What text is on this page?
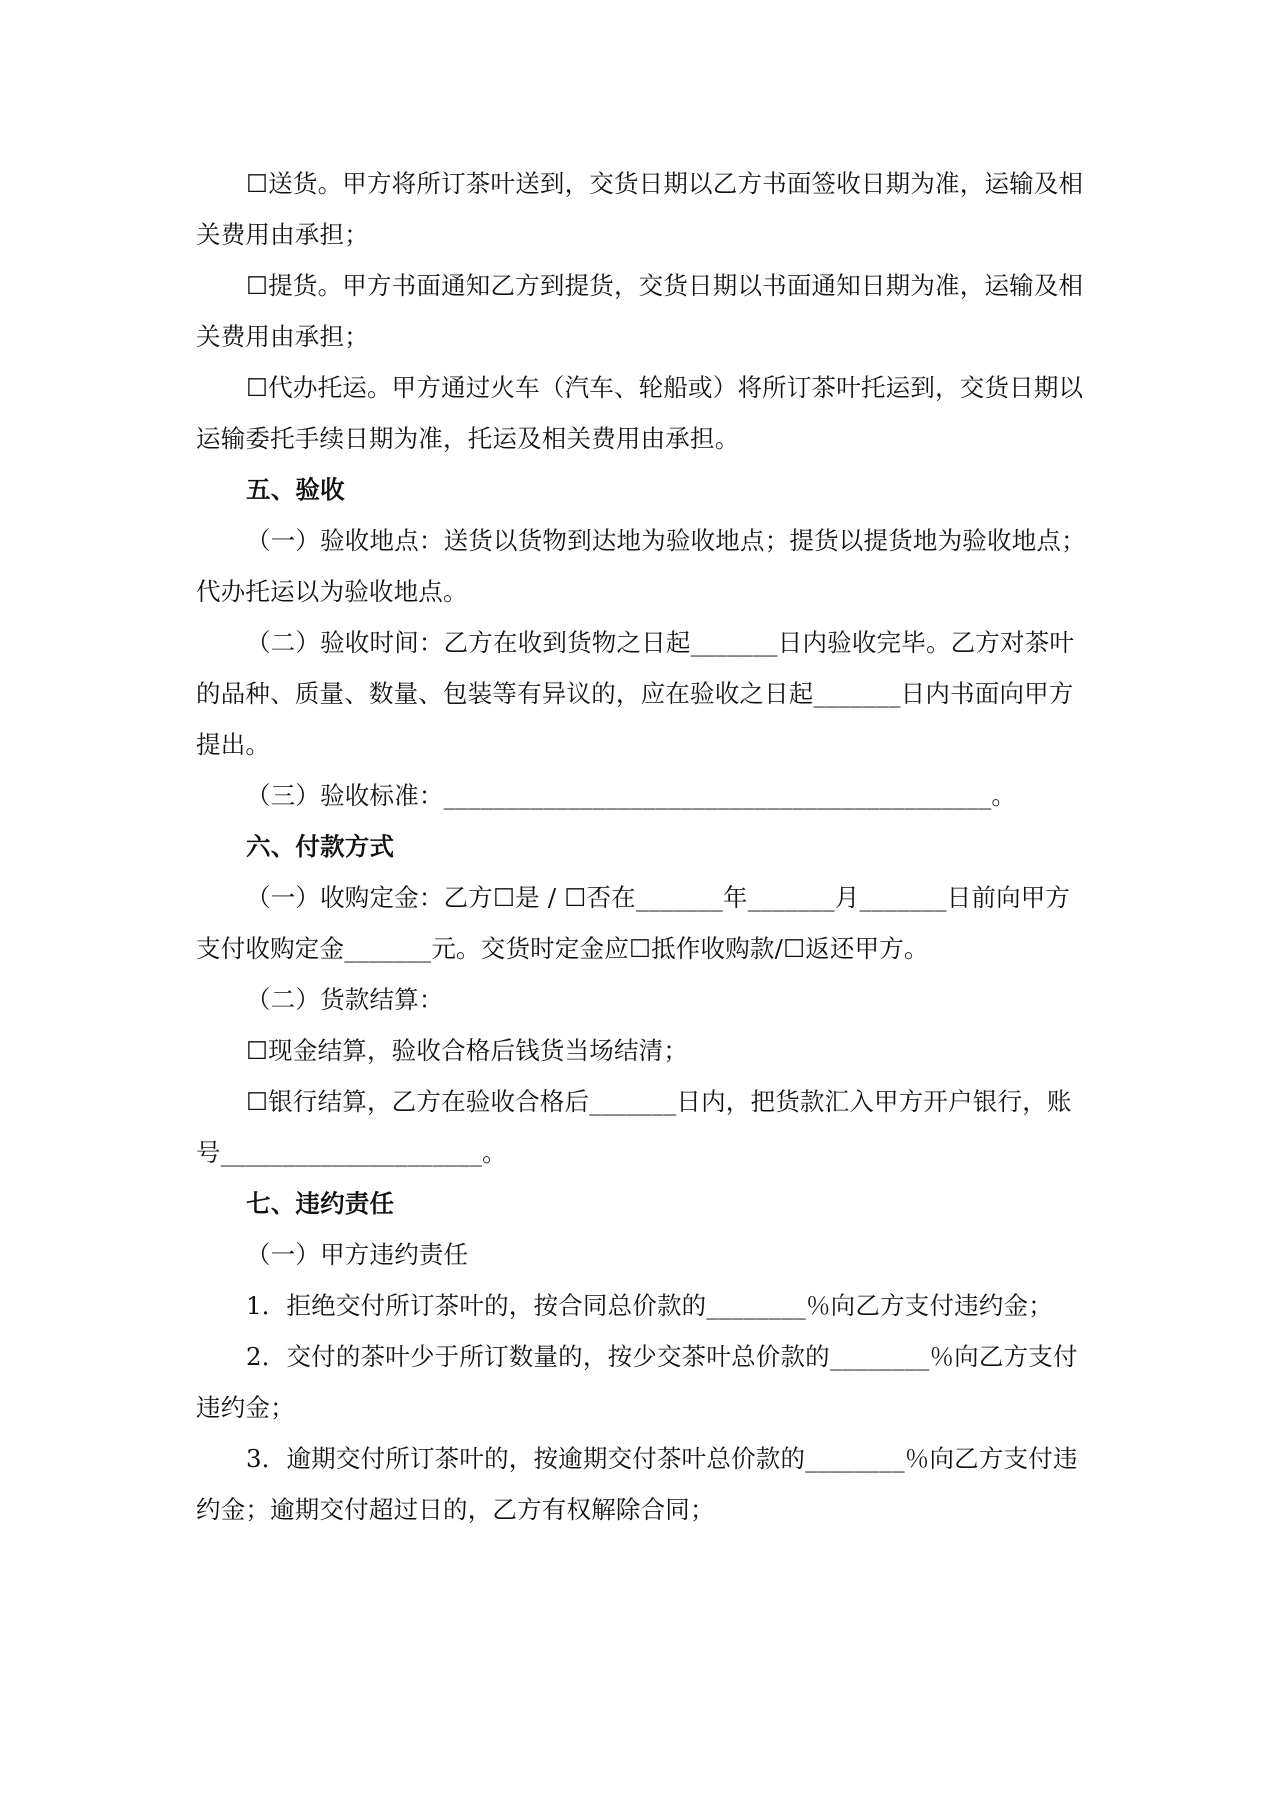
☐送货。甲方将所订茶叶送到，交货日期以乙方书面签收日期为准，运输及相关费用由承担；

☐提货。甲方书面通知乙方到提货，交货日期以书面通知日期为准，运输及相关费用由承担；

☐代办托运。甲方通过火车（汽车、轮船或）将所订茶叶托运到，交货日期以运输委托手续日期为准，托运及相关费用由承担。

五、验收

（一）验收地点：送货以货物到达地为验收地点；提货以提货地为验收地点；代办托运以为验收地点。

（二）验收时间：乙方在收到货物之日起_______日内验收完毕。乙方对茶叶的品种、质量、数量、包装等有异议的，应在验收之日起_______日内书面向甲方提出。

（三）验收标准：____________________________________________。

六、付款方式

（一）收购定金：乙方☐是 / ☐否在_______年_______月_______日前向甲方支付收购定金_______元。交货时定金应☐抵作收购款/☐返还甲方。

（二）货款结算：

☐现金结算，验收合格后钱货当场结清；

☐银行结算，乙方在验收合格后_______日内，把货款汇入甲方开户银行，账号_____________________。

七、违约责任

（一）甲方违约责任

1．拒绝交付所订茶叶的，按合同总价款的________％向乙方支付违约金；

2．交付的茶叶少于所订数量的，按少交茶叶总价款的________％向乙方支付违约金；

3．逾期交付所订茶叶的，按逾期交付茶叶总价款的________％向乙方支付违约金；逾期交付超过日的，乙方有权解除合同；
